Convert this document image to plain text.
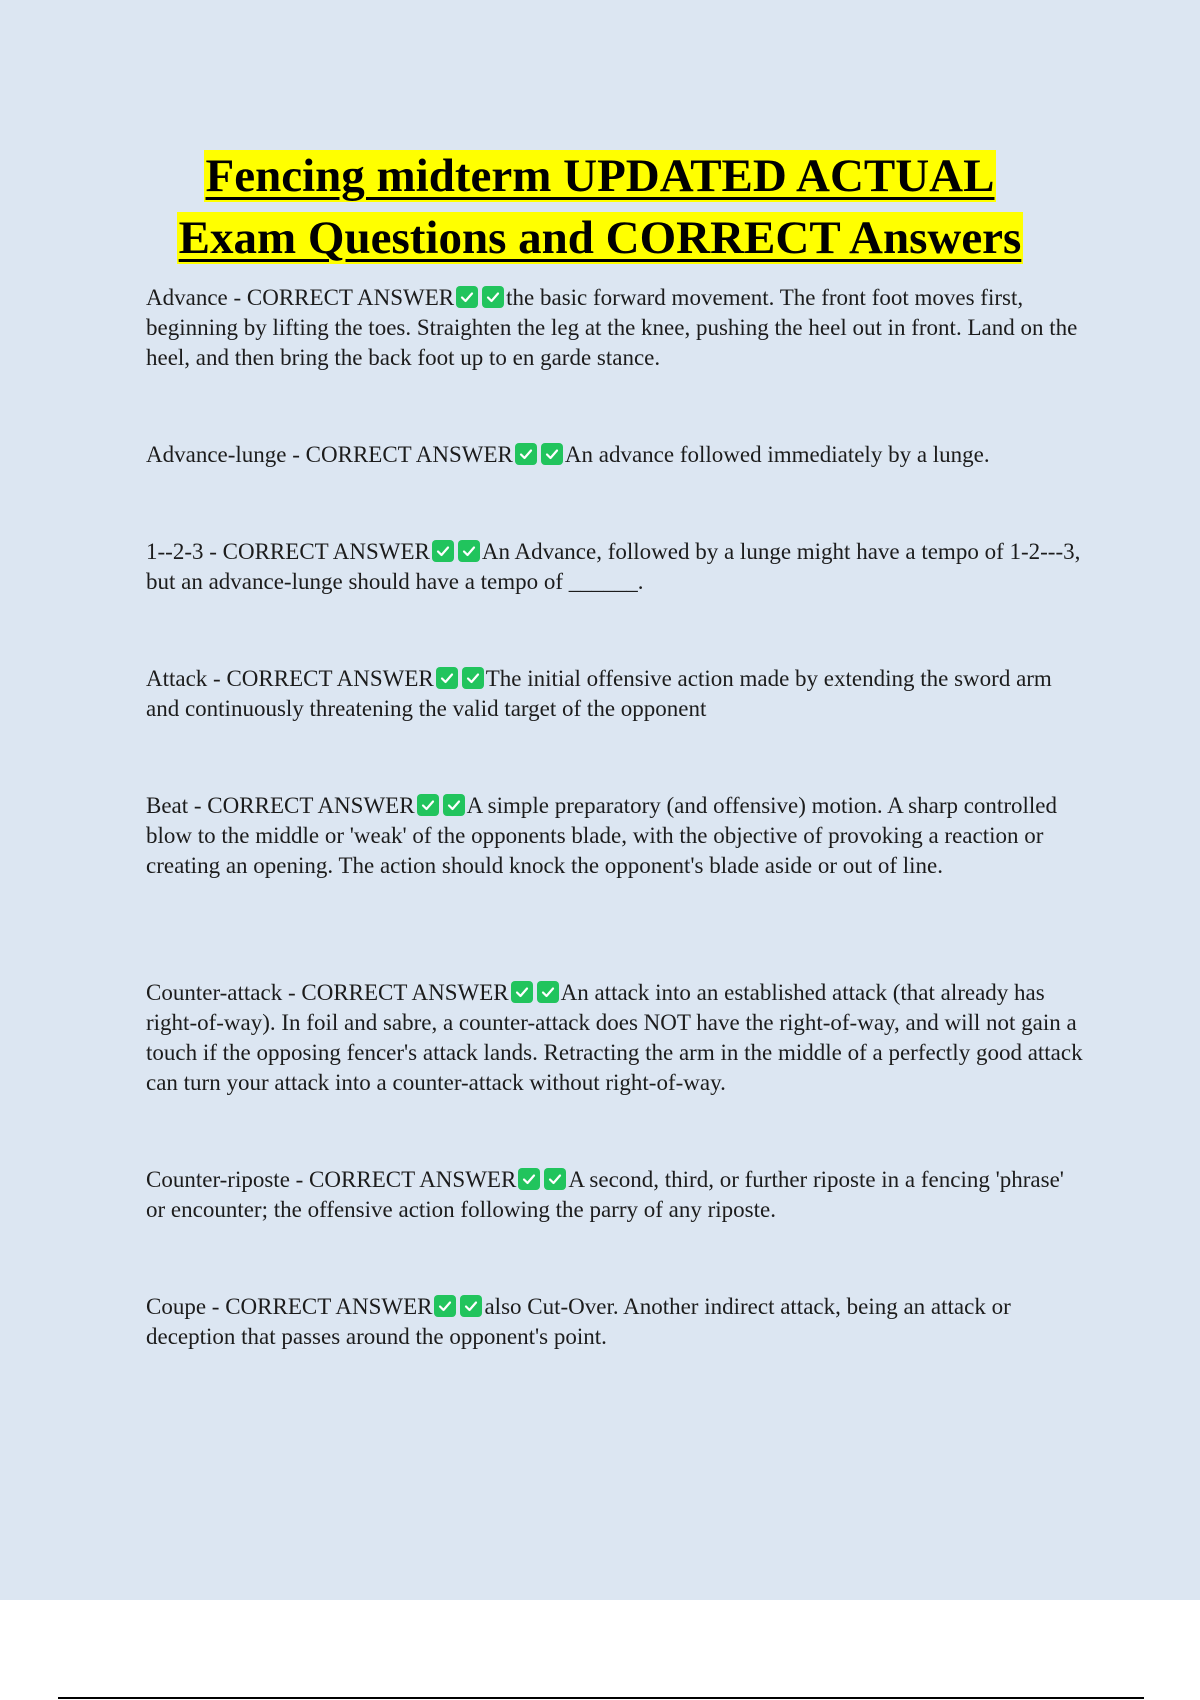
Fencing midterm UPDATED ACTUAL
Exam Questions and CORRECT Answers

Advance - CORRECT ANSWER the basic forward movement. The front foot moves first, beginning by lifting the toes. Straighten the leg at the knee, pushing the heel out in front. Land on the heel, and then bring the back foot up to en garde stance.

Advance-lunge - CORRECT ANSWER An advance followed immediately by a lunge.

1--2-3 - CORRECT ANSWER An Advance, followed by a lunge might have a tempo of 1-2---3, but an advance-lunge should have a tempo of ______.

Attack - CORRECT ANSWER The initial offensive action made by extending the sword arm and continuously threatening the valid target of the opponent

Beat - CORRECT ANSWER A simple preparatory (and offensive) motion. A sharp controlled blow to the middle or 'weak' of the opponents blade, with the objective of provoking a reaction or creating an opening. The action should knock the opponent's blade aside or out of line.

Counter-attack - CORRECT ANSWER An attack into an established attack (that already has right-of-way). In foil and sabre, a counter-attack does NOT have the right-of-way, and will not gain a touch if the opposing fencer's attack lands. Retracting the arm in the middle of a perfectly good attack can turn your attack into a counter-attack without right-of-way.

Counter-riposte - CORRECT ANSWER A second, third, or further riposte in a fencing 'phrase' or encounter; the offensive action following the parry of any riposte.

Coupe - CORRECT ANSWER also Cut-Over. Another indirect attack, being an attack or deception that passes around the opponent's point.
